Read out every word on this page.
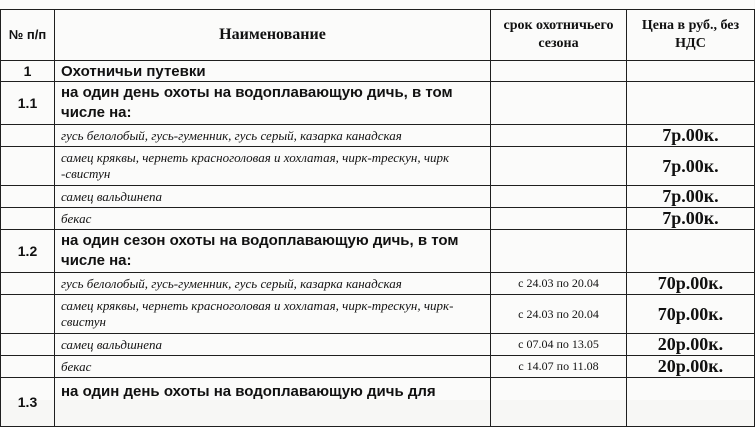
№ п/п	Наименование	срок охотничьего сезона	Цена в руб., без НДС
1	Охотничьи путевки		
1.1	на один день охоты на водоплавающую дичь, в том числе на:		
	гусь белолобый, гусь-гуменник, гусь серый, казарка канадская		7р.00к.
	самец кряквы, чернеть красноголовая и хохлатая, чирк-трескун, чирк -свистун		7р.00к.
	самец вальдшнепа		7р.00к.
	бекас		7р.00к.
1.2	на один сезон охоты на водоплавающую дичь, в том числе на:		
	гусь белолобый, гусь-гуменник, гусь серый, казарка канадская	с 24.03 по 20.04	70р.00к.
	самец кряквы, чернеть красноголовая и хохлатая, чирк-трескун, чирк-свистун	с 24.03 по 20.04	70р.00к.
	самец вальдшнепа	с 07.04 по 13.05	20р.00к.
	бекас	с 14.07 по 11.08	20р.00к.
1.3	на один день охоты на водоплавающую дичь для		
